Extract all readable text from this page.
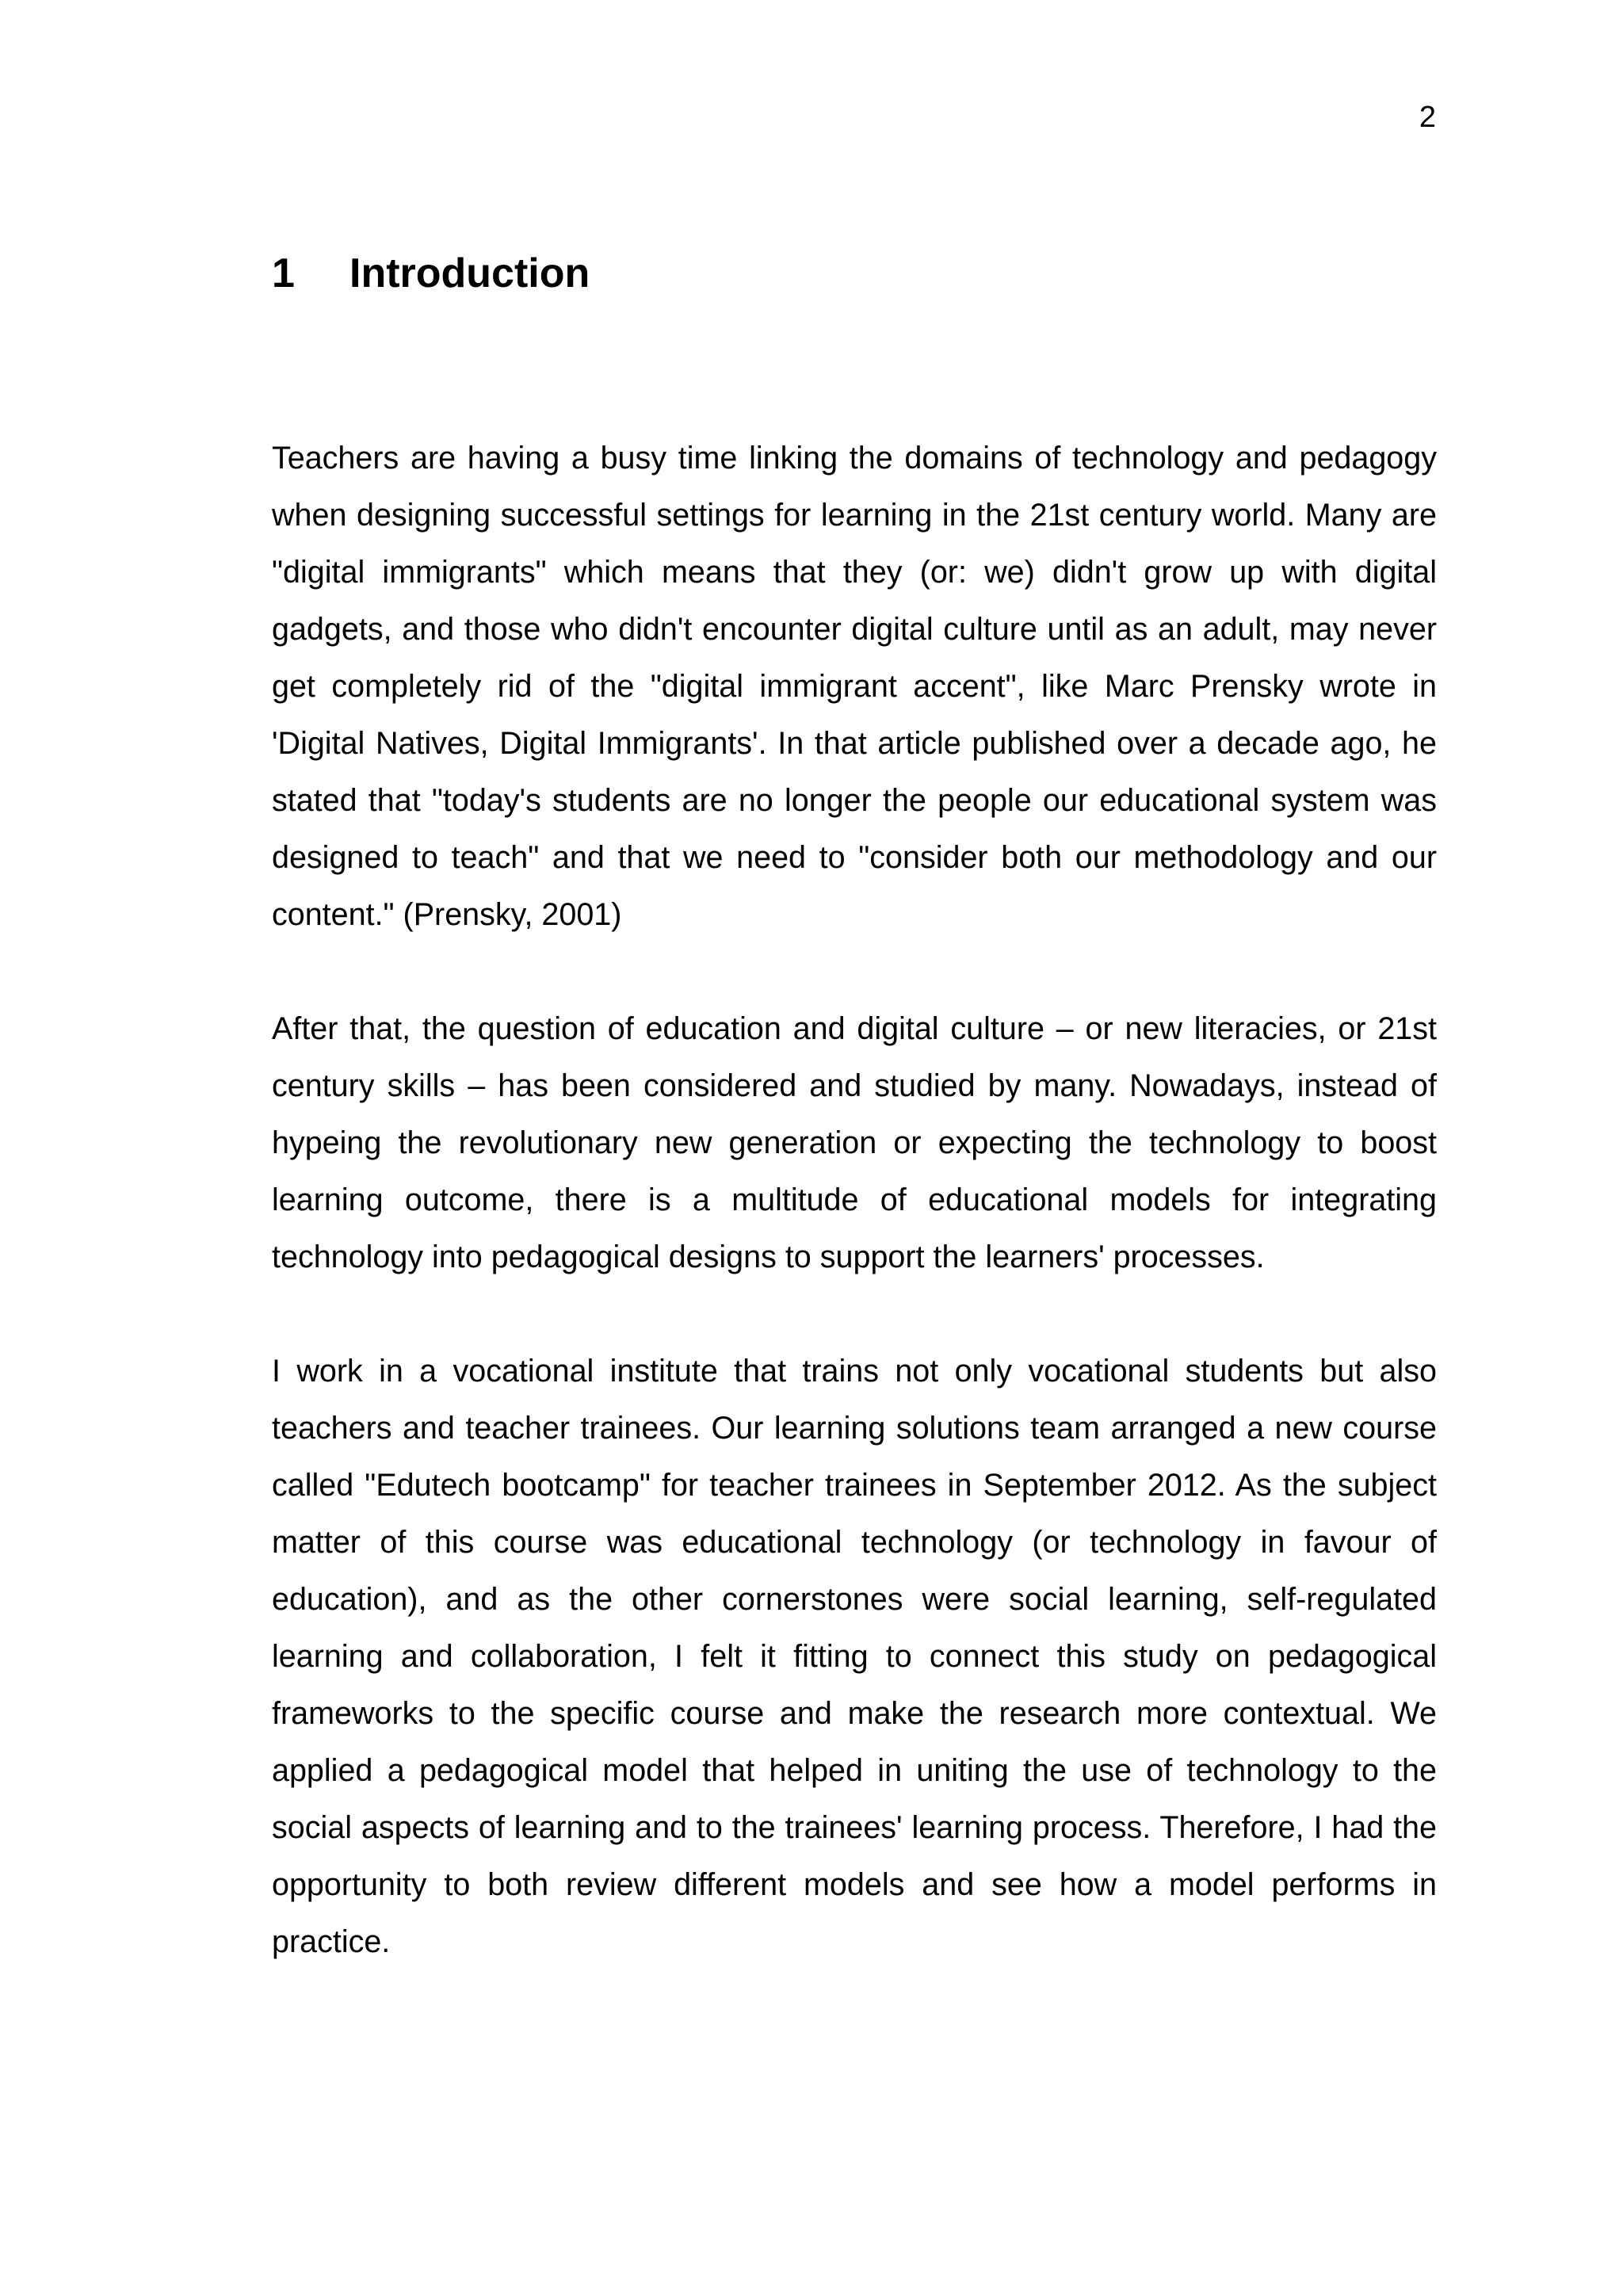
2
1 Introduction

Teachers are having a busy time linking the domains of technology and pedagogy when designing successful settings for learning in the 21st century world. Many are "digital immigrants" which means that they (or: we) didn't grow up with digital gadgets, and those who didn't encounter digital culture until as an adult, may never get completely rid of the "digital immigrant accent", like Marc Prensky wrote in 'Digital Natives, Digital Immigrants'. In that article published over a decade ago, he stated that "today's students are no longer the people our educational system was designed to teach" and that we need to "consider both our methodology and our content." (Prensky, 2001)

After that, the question of education and digital culture – or new literacies, or 21st century skills – has been considered and studied by many. Nowadays, instead of hypeing the revolutionary new generation or expecting the technology to boost learning outcome, there is a multitude of educational models for integrating technology into pedagogical designs to support the learners' processes.

I work in a vocational institute that trains not only vocational students but also teachers and teacher trainees. Our learning solutions team arranged a new course called "Edutech bootcamp" for teacher trainees in September 2012. As the subject matter of this course was educational technology (or technology in favour of education), and as the other cornerstones were social learning, self-regulated learning and collaboration, I felt it fitting to connect this study on pedagogical frameworks to the specific course and make the research more contextual. We applied a pedagogical model that helped in uniting the use of technology to the social aspects of learning and to the trainees' learning process. Therefore, I had the opportunity to both review different models and see how a model performs in practice.
